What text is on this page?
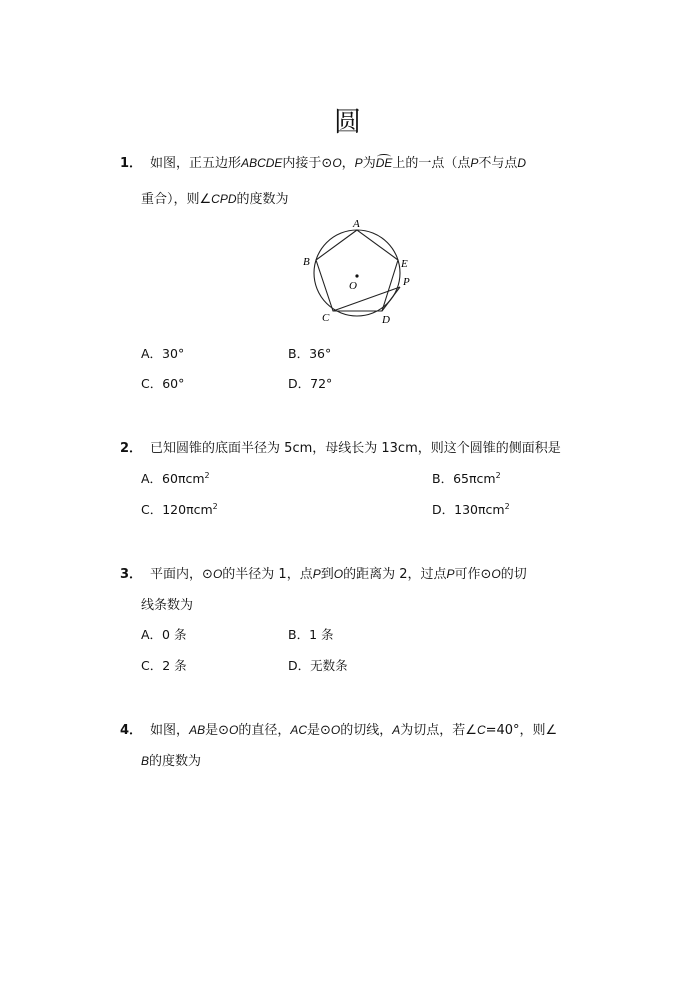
圆
1． 如图，正五边形ABCDE内接于⊙O，P为DE上的一点（点P不与点D
重合），则∠CPD的度数为
A
B
C	D
E
O	P
A．30°	B．36°
C．60°	D．72°
2． 已知圆锥的底面半径为 5cm，母线长为 13cm，则这个圆锥的侧面积是
A．60πcm$^2$	B．65πcm$^2$
C．120πcm$^2$	D．130πcm$^2$
3． 平面内，⊙O的半径为 1，点P到O的距离为 2，过点P可作⊙O的切
线条数为
A．0 条	B．1 条
C．2 条	D．无数条
4． 如图，AB是⊙O的直径，AC是⊙O的切线，A为切点，若∠C=40°，则∠
B的度数为
